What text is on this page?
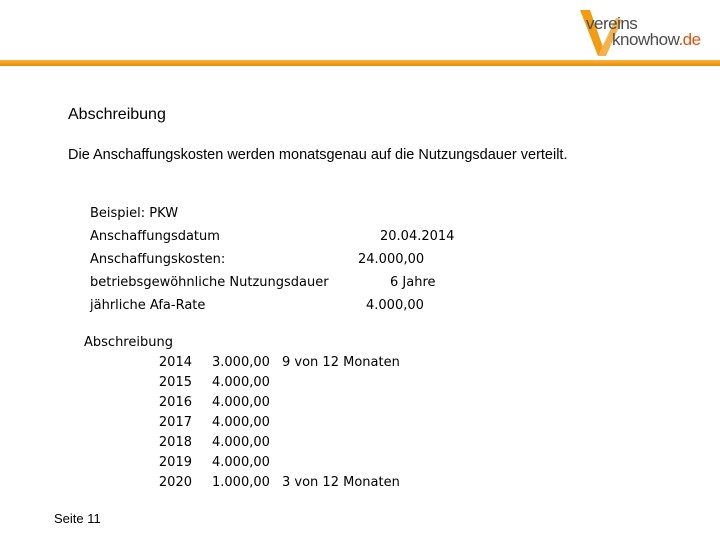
vereins
knowhow.de
Abschreibung
Die Anschaffungskosten werden monatsgenau auf die Nutzungsdauer verteilt.
Beispiel: PKW
Anschaffungsdatum	20.04.2014
Anschaffungskosten:	24.000,00
betriebsgewöhnliche Nutzungsdauer	6 Jahre
jährliche Afa-Rate	4.000,00
Abschreibung
2014 3.000,00 9 von 12 Monaten
2015 4.000,00
2016 4.000,00
2017 4.000,00
2018 4.000,00
2019 4.000,00
2020 1.000,00 3 von 12 Monaten
Seite 11
